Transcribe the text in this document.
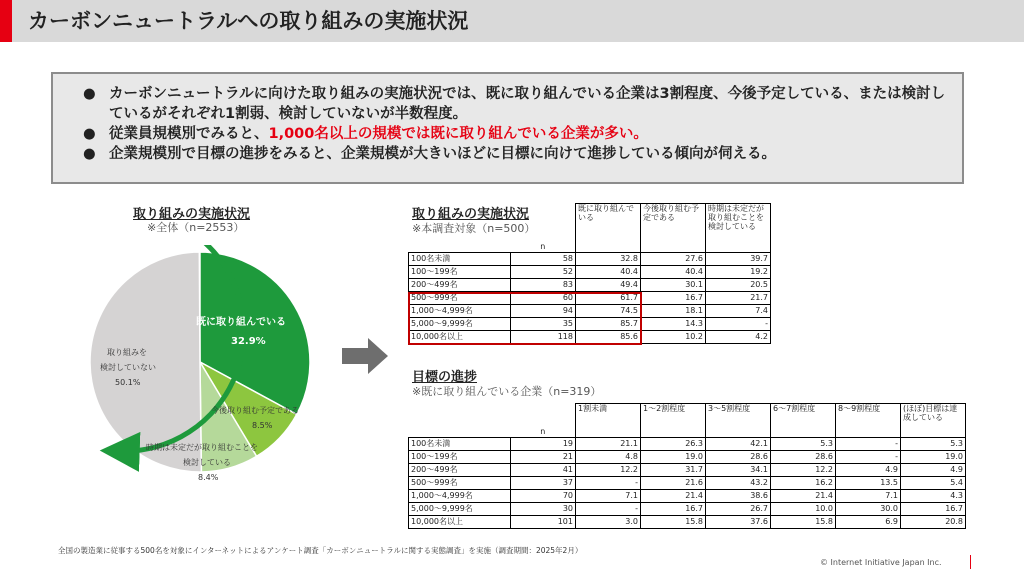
カーボンニュートラルへの取り組みの実施状況
● カーボンニュートラルに向けた取り組みの実施状況では、既に取り組んでいる企業は3割程度、今後予定している、または検討しているがそれぞれ1割弱、検討していないが半数程度。
● 従業員規模別でみると、1,000名以上の規模では既に取り組んでいる企業が多い。
● 企業規模別で目標の進捗をみると、企業規模が大きいほどに目標に向けて進捗している傾向が伺える。
取り組みの実施状況
※全体（n=2553）
既に取り組んでいる
32.9%
今後取り組む予定である
8.5%
時期は未定だが取り組むことを
検討している
8.4%
取り組みを
検討していない
50.1%
取り組みの実施状況
※本調査対象（n=500）
	n	既に取り組んでいる	今後取り組む予定である	時期は未定だが取り組むことを検討している
100名未満	58	32.8	27.6	39.7
100～199名	52	40.4	40.4	19.2
200～499名	83	49.4	30.1	20.5
500～999名	60	61.7	16.7	21.7
1,000～4,999名	94	74.5	18.1	7.4
5,000～9,999名	35	85.7	14.3	-
10,000名以上	118	85.6	10.2	4.2
目標の進捗
※既に取り組んでいる企業（n=319）
	n	1割未満	1～2割程度	3～5割程度	6～7割程度	8～9割程度	(ほぼ)目標は達成している
100名未満	19	21.1	26.3	42.1	5.3	-	5.3
100～199名	21	4.8	19.0	28.6	28.6	-	19.0
200～499名	41	12.2	31.7	34.1	12.2	4.9	4.9
500～999名	37	-	21.6	43.2	16.2	13.5	5.4
1,000～4,999名	70	7.1	21.4	38.6	21.4	7.1	4.3
5,000～9,999名	30	-	16.7	26.7	10.0	30.0	16.7
10,000名以上	101	3.0	15.8	37.6	15.8	6.9	20.8
全国の製造業に従事する500名を対象にインターネットによるアンケート調査「カーボンニュートラルに関する実態調査」を実施（調査期間：2025年2月）
© Internet Initiative Japan Inc.
